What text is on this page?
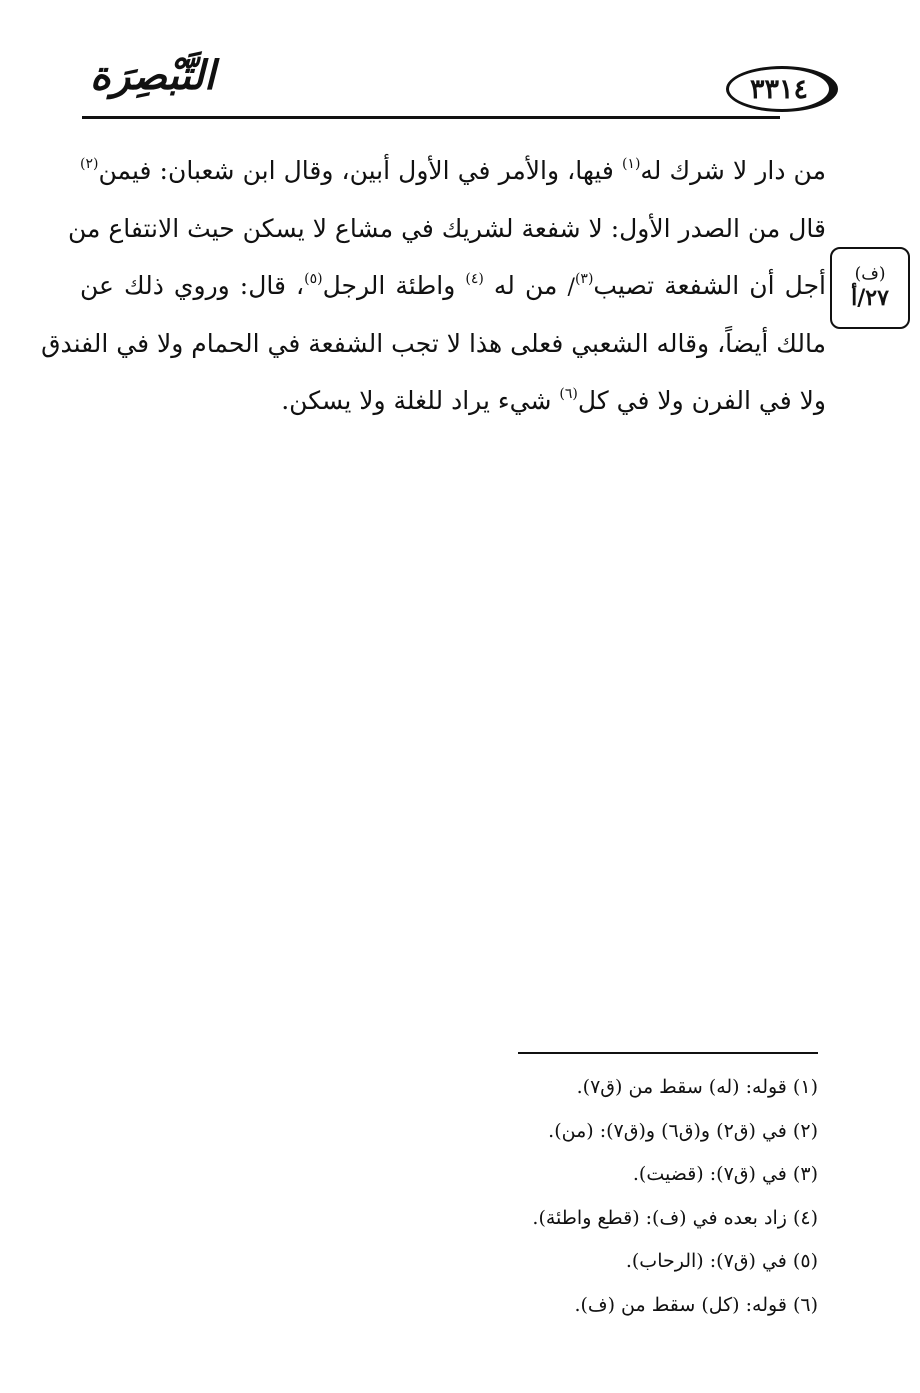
التَّبْصِرَة	٣٣١٤
من دار لا شرك له$^{(١)}$ فيها، والأمر في الأول أبين، وقال ابن شعبان: فيمن$^{(٢)}$
قال من الصدر الأول: لا شفعة لشريك في مشاع لا يسكن حيث الانتفاع من
أجل أن الشفعة تصيب$^{(٣)}$/ من له $^{(٤)}$ واطئة الرجل$^{(٥)}$، قال: وروي ذلك عن
مالك أيضاً، وقاله الشعبي فعلى هذا لا تجب الشفعة في الحمام ولا في الفندق
ولا في الفرن ولا في كل$^{(٦)}$ شيء يراد للغلة ولا يسكن.
(ف)
٢٧/أ
(١) قوله: (له) سقط من (ق٧).
(٢) في (ق٢) و(ق٦) و(ق٧): (من).
(٣) في (ق٧): (قضيت).
(٤) زاد بعده في (ف): (قطع واطئة).
(٥) في (ق٧): (الرحاب).
(٦) قوله: (كل) سقط من (ف).
